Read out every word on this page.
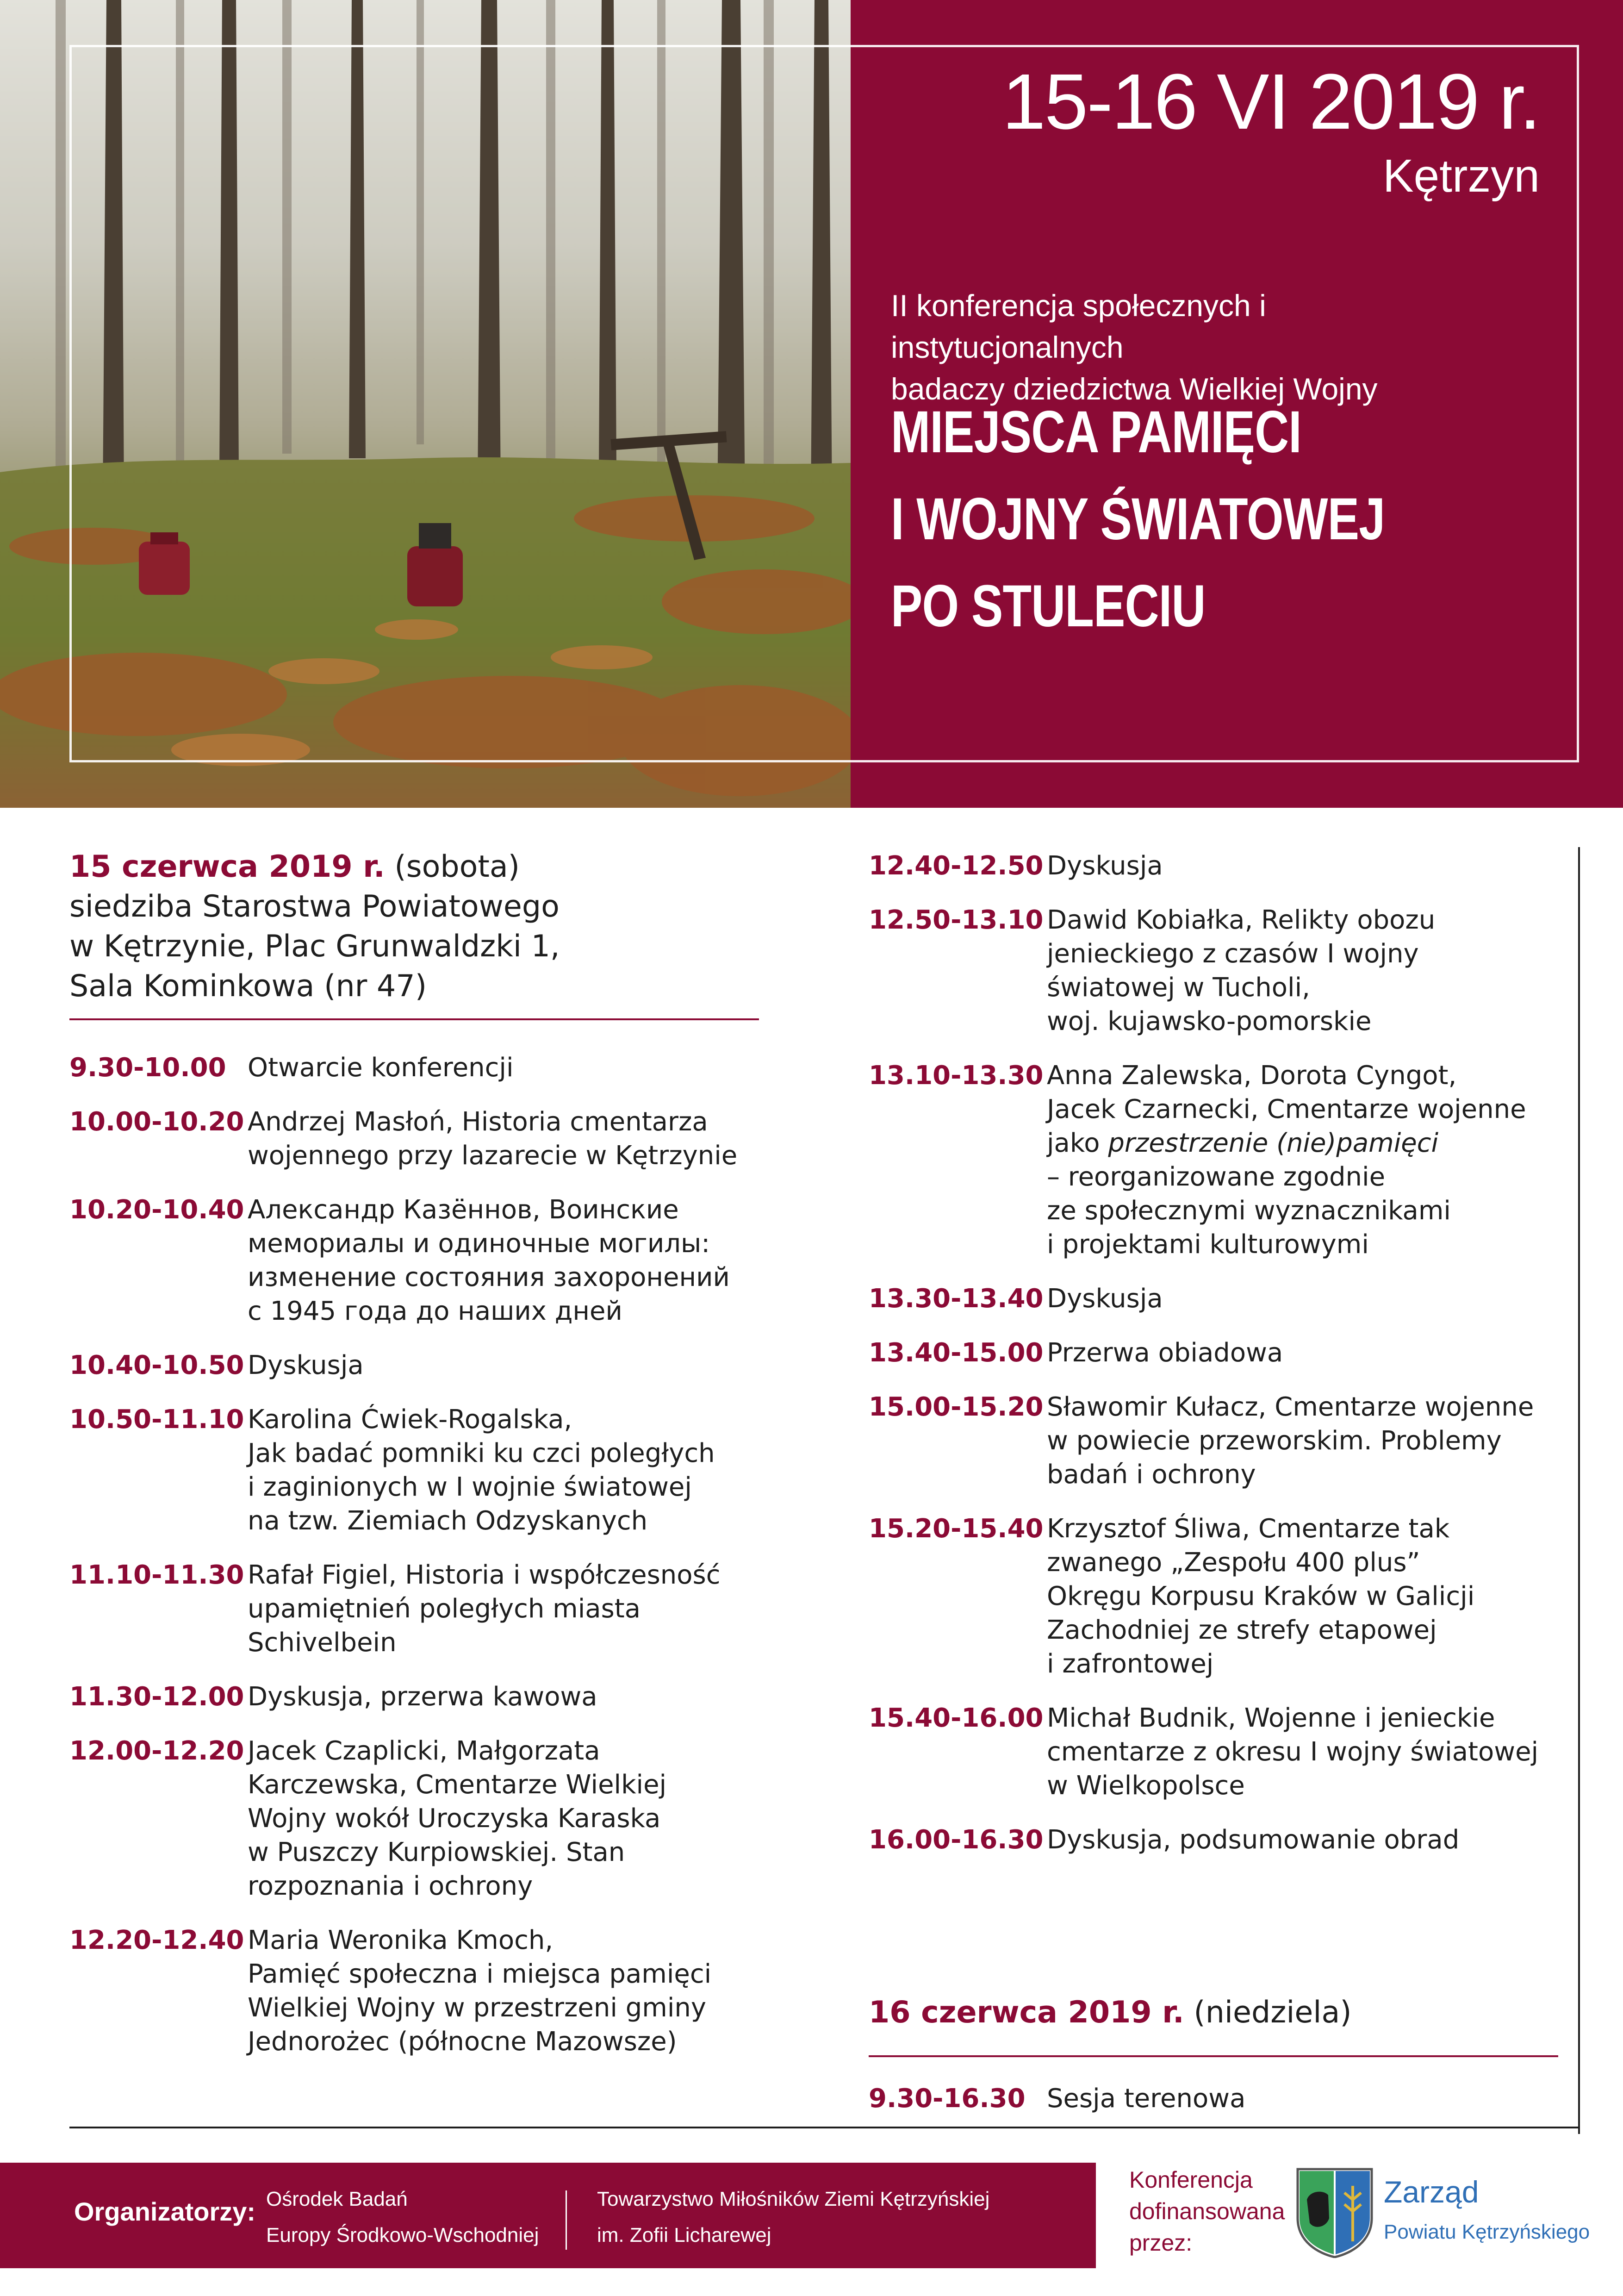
15-16 VI 2019 r.
Kętrzyn
II konferencja społecznych i instytucjonalnych
badaczy dziedzictwa Wielkiej Wojny
MIEJSCA PAMIĘCI
I WOJNY ŚWIATOWEJ
PO STULECIU
15 czerwca 2019 r. (sobota)
siedziba Starostwa Powiatowego
w Kętrzynie, Plac Grunwaldzki 1,
Sala Kominkowa (nr 47)
9.30-10.00 Otwarcie konferencji
10.00-10.20 Andrzej Masłoń, Historia cmentarza
wojennego przy lazarecie w Kętrzynie
10.20-10.40 Александр Казённов, Воинские
мемориалы и одиночные могилы:
изменение состояния захоронений
с 1945 года до наших дней
10.40-10.50 Dyskusja
10.50-11.10 Karolina Ćwiek-Rogalska,
Jak badać pomniki ku czci poległych
i zaginionych w I wojnie światowej
na tzw. Ziemiach Odzyskanych
11.10-11.30 Rafał Figiel, Historia i współczesność
upamiętnień poległych miasta
Schivelbein
11.30-12.00 Dyskusja, przerwa kawowa
12.00-12.20 Jacek Czaplicki, Małgorzata
Karczewska, Cmentarze Wielkiej
Wojny wokół Uroczyska Karaska
w Puszczy Kurpiowskiej. Stan
rozpoznania i ochrony
12.20-12.40 Maria Weronika Kmoch,
Pamięć społeczna i miejsca pamięci
Wielkiej Wojny w przestrzeni gminy
Jednorożec (północne Mazowsze)
12.40-12.50 Dyskusja
12.50-13.10 Dawid Kobiałka, Relikty obozu
jenieckiego z czasów I wojny
światowej w Tucholi,
woj. kujawsko-pomorskie
13.10-13.30 Anna Zalewska, Dorota Cyngot,
Jacek Czarnecki, Cmentarze wojenne
jako przestrzenie (nie)pamięci
– reorganizowane zgodnie
ze społecznymi wyznacznikami
i projektami kulturowymi
13.30-13.40 Dyskusja
13.40-15.00 Przerwa obiadowa
15.00-15.20 Sławomir Kułacz, Cmentarze wojenne
w powiecie przeworskim. Problemy
badań i ochrony
15.20-15.40 Krzysztof Śliwa, Cmentarze tak
zwanego „Zespołu 400 plus”
Okręgu Korpusu Kraków w Galicji
Zachodniej ze strefy etapowej
i zafrontowej
15.40-16.00 Michał Budnik, Wojenne i jenieckie
cmentarze z okresu I wojny światowej
w Wielkopolsce
16.00-16.30 Dyskusja, podsumowanie obrad
16 czerwca 2019 r. (niedziela)
9.30-16.30 Sesja terenowa
Organizatorzy: Ośrodek Badań
Europy Środkowo-Wschodniej
Towarzystwo Miłośników Ziemi Kętrzyńskiej
im. Zofii Licharewej
Konferencja
dofinansowana
przez:
Zarząd
Powiatu Kętrzyńskiego
